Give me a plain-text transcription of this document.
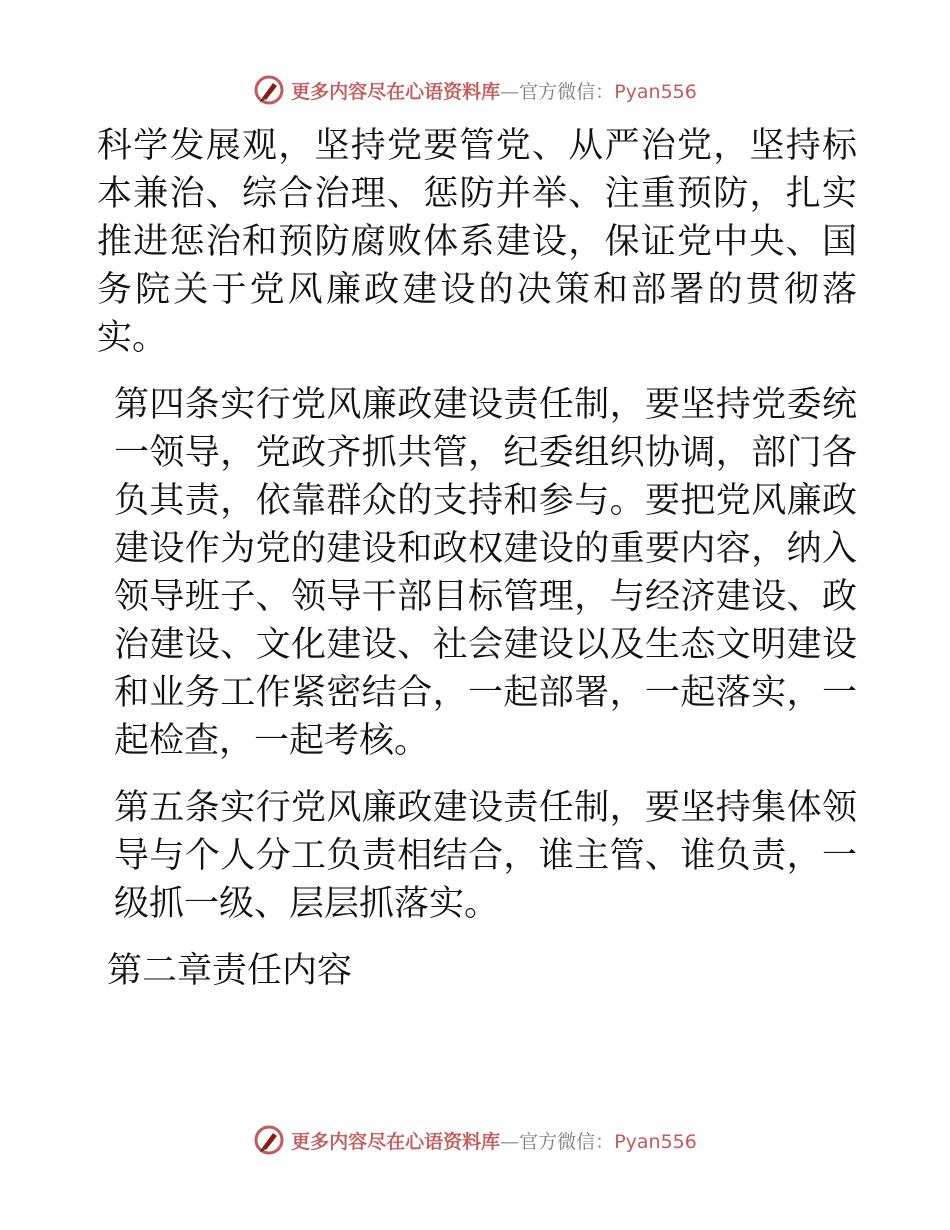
更多内容尽在心语资料库—官方微信：Pyan556

科学发展观，坚持党要管党、从严治党，坚持标本兼治、综合治理、惩防并举、注重预防，扎实推进惩治和预防腐败体系建设，保证党中央、国务院关于党风廉政建设的决策和部署的贯彻落实。

第四条实行党风廉政建设责任制，要坚持党委统一领导，党政齐抓共管，纪委组织协调，部门各负其责，依靠群众的支持和参与。要把党风廉政建设作为党的建设和政权建设的重要内容，纳入领导班子、领导干部目标管理，与经济建设、政治建设、文化建设、社会建设以及生态文明建设和业务工作紧密结合，一起部署，一起落实，一起检查，一起考核。

第五条实行党风廉政建设责任制，要坚持集体领导与个人分工负责相结合，谁主管、谁负责，一级抓一级、层层抓落实。

第二章责任内容

更多内容尽在心语资料库—官方微信：Pyan556
